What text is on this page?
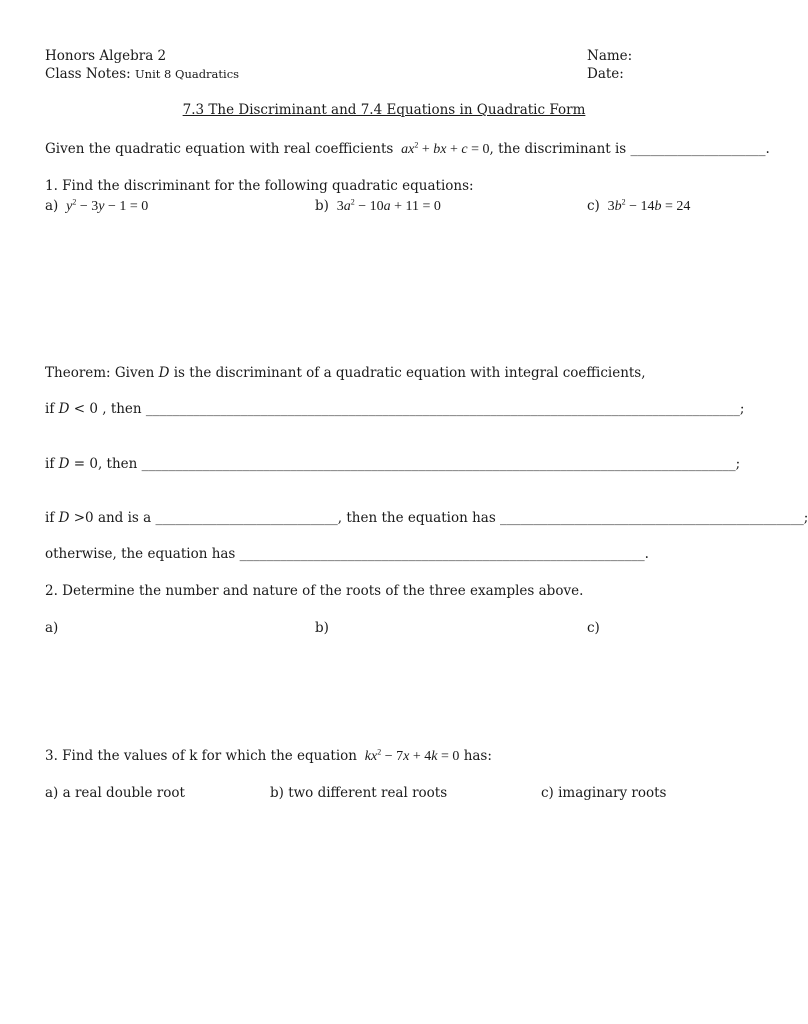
Honors Algebra 2
Class Notes: Unit 8 Quadratics
Name:
Date:
7.3 The Discriminant and 7.4 Equations in Quadratic Form
Given the quadratic equation with real coefficients $ax^2$ + bx + c = 0, the discriminant is ____________________.
1. Find the discriminant for the following quadratic equations:
a) $y^2 - 3y - 1 = 0$	b)  $3a^2 - 10a + 11 = 0$	c)  $3b^2 - 14b = 24$
Theorem: Given D is the discriminant of a quadratic equation with integral coefficients,
if D < 0 , then ________________________________________________________________________________________;
if D = 0, then ________________________________________________________________________________________;
if D >0 and is a ___________________________, then the equation has _____________________________________________;
otherwise, the equation has ____________________________________________________________.
2. Determine the number and nature of the roots of the three examples above.
a)	b)	c)
3. Find the values of k for which the equation $kx^2 - 7x + 4k = 0$ has:
a) a real double root	b) two different real roots	c) imaginary roots
